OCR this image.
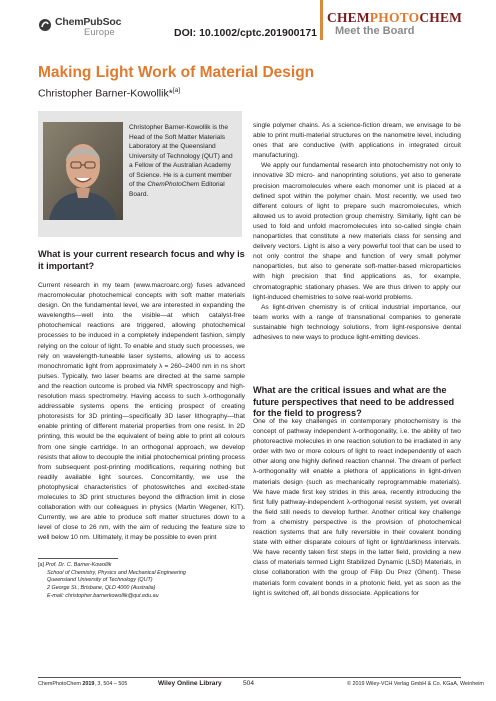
ChemPubSoc
Europe	DOI: 10.1002/cptc.201900171
CHEMPHOTOCHEM
Meet the Board
Making Light Work of Material Design
Christopher Barner-Kowollik*[a]
Christopher Barner-Kowollik is the Head of the Soft Matter Materials Laboratory at the Queensland University of Technology (QUT) and a Fellow of the Australian Academy of Science. He is a current member of the ChemPhotoChem Editorial Board.
What is your current research focus and why is it important?

Current research in my team (www.macroarc.org) fuses advanced macromolecular photochemical concepts with soft matter materials design. On the fundamental level, we are interested in expanding the wavelengths—well into the visible—at which catalyst-free photochemical reactions are triggered, allowing photochemical processes to be induced in a completely independent fashion, simply relying on the colour of light. To enable and study such processes, we rely on wavelength-tuneable laser systems, allowing us to access monochromatic light from approximately λ = 260–2400 nm in ns short pulses. Typically, two laser beams are directed at the same sample and the reaction outcome is probed via NMR spectroscopy and high-resolution mass spectrometry. Having access to such λ-orthogonally addressable systems opens the enticing prospect of creating photoresists for 3D printing—specifically 3D laser lithography—that enable printing of different material properties from one resist. In 2D printing, this would be the equivalent of being able to print all colours from one single cartridge. In an orthogonal approach, we develop resists that allow to decouple the initial photochemical printing process from subsequent post-printing modifications, requiring nothing but readily available light sources. Concomitantly, we use the photophysical characteristics of photoswitches and excited-state molecules to 3D print structures beyond the diffraction limit in close collaboration with our colleagues in physics (Martin Wegener, KIT). Currently, we are able to produce soft matter structures down to a level of close to 26 nm, with the aim of reducing the feature size to well below 10 nm. Ultimately, it may be possible to even print

single polymer chains. As a science-fiction dream, we envisage to be able to print multi-material structures on the nanometre level, including ones that are conductive (with applications in integrated circuit manufacturing).

We apply our fundamental research into photochemistry not only to innovative 3D micro- and nanoprinting solutions, yet also to generate precision macromolecules where each monomer unit is placed at a defined spot within the polymer chain. Most recently, we used two different colours of light to prepare such macromolecules, which allowed us to avoid protection group chemistry. Similarly, light can be used to fold and unfold macromolecules into so-called single chain nanoparticles that constitute a new materials class for sensing and delivery vectors. Light is also a very powerful tool that can be used to not only control the shape and function of very small polymer nanoparticles, but also to generate soft-matter-based microparticles with high precision that find applications as, for example, chromatographic stationary phases. We are thus driven to apply our light-induced chemistries to solve real-world problems.

As light-driven chemistry is of critical industrial importance, our team works with a range of transnational companies to generate sustainable high technology solutions, from light-responsive dental adhesives to new ways to produce light-emitting devices.

What are the critical issues and what are the future perspectives that need to be addressed for the field to progress?

One of the key challenges in contemporary photochemistry is the concept of pathway independent λ-orthogonality, i.e. the ability of two photoreactive molecules in one reaction solution to be irradiated in any order with two or more colours of light to react independently of each other along one highly defined reaction channel. The dream of perfect λ-orthogonality will enable a plethora of applications in light-driven materials design (such as mechanically reprogrammable materials). We have made first key strides in this area, recently introducing the first fully pathway-independent λ-orthogonal resist system, yet overall the field still needs to develop further. Another critical key challenge from a chemistry perspective is the provision of photochemical reaction systems that are fully reversible in their covalent bonding state with either disparate colours of light or light/darkness intervals. We have recently taken first steps in the latter field, providing a new class of materials termed Light Stabilized Dynamic (LSD) Materials, in close collaboration with the group of Filip Du Prez (Ghent). These materials form covalent bonds in a photonic field, yet as soon as the light is switched off, all bonds dissociate. Applications for

[a] Prof. Dr. C. Barner-Kowollik
School of Chemistry, Physics and Mechanical Engineering
Queensland University of Technology (QUT)
2 George St., Brisbane, QLD 4000 (Australia)
E-mail: christopher.barnerkowollik@qut.edu.au
ChemPhotoChem 2019, 3, 504 – 505	Wiley Online Library	504	© 2019 Wiley-VCH Verlag GmbH & Co. KGaA, Weinheim
